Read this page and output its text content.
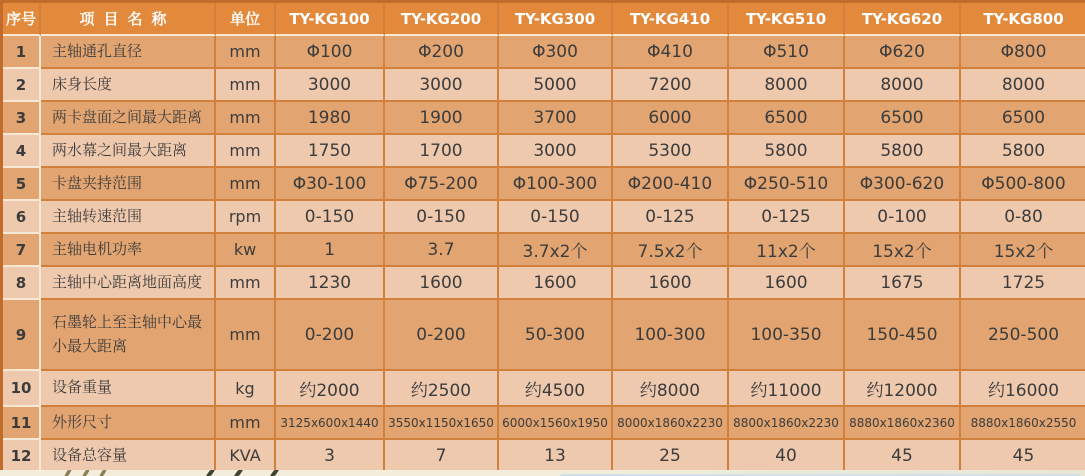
序号	项目名称	单位	TY-KG100	TY-KG200	TY-KG300	TY-KG410	TY-KG510	TY-KG620	TY-KG800
1	主轴通孔直径	mm	Φ100	Φ200	Φ300	Φ410	Φ510	Φ620	Φ800
2	床身长度	mm	3000	3000	5000	7200	8000	8000	8000
3	两卡盘面之间最大距离	mm	1980	1900	3700	6000	6500	6500	6500
4	两水幕之间最大距离	mm	1750	1700	3000	5300	5800	5800	5800
5	卡盘夹持范围	mm	Φ30-100	Φ75-200	Φ100-300	Φ200-410	Φ250-510	Φ300-620	Φ500-800
6	主轴转速范围	rpm	0-150	0-150	0-150	0-125	0-125	0-100	0-80
7	主轴电机功率	kw	1	3.7	3.7x2个	7.5x2个	11x2个	15x2个	15x2个
8	主轴中心距离地面高度	mm	1230	1600	1600	1600	1600	1675	1725
9	石墨轮上至主轴中心最小最大距离	mm	0-200	0-200	50-300	100-300	100-350	150-450	250-500
10	设备重量	kg	约2000	约2500	约4500	约8000	约11000	约12000	约16000
11	外形尺寸	mm	3125x600x1440	3550x1150x1650	6000x1560x1950	8000x1860x2230	8800x1860x2230	8880x1860x2360	8880x1860x2550
12	设备总容量	KVA	3	7	13	25	40	45	45
